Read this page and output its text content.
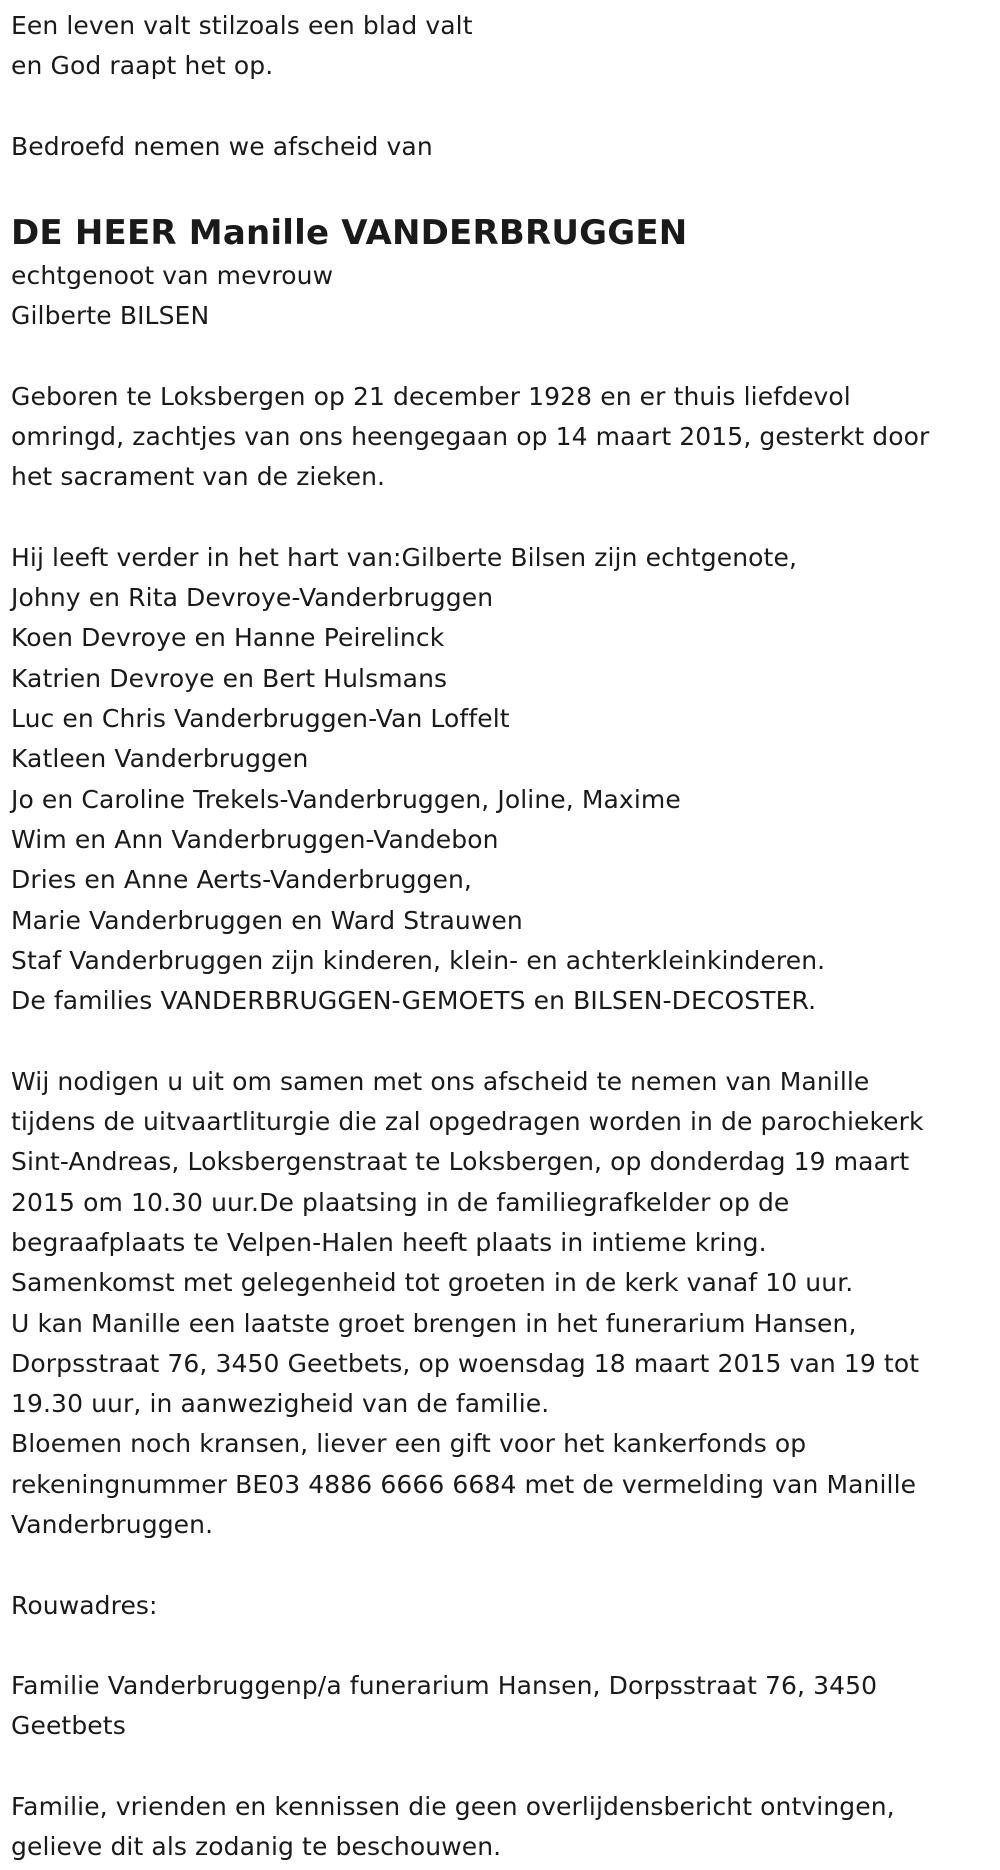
Een leven valt stilzoals een blad valt
en God raapt het op.
Bedroefd nemen we afscheid van
DE HEER Manille VANDERBRUGGEN
echtgenoot van mevrouw
Gilberte BILSEN
Geboren te Loksbergen op 21 december 1928 en er thuis liefdevol
omringd, zachtjes van ons heengegaan op 14 maart 2015, gesterkt door
het sacrament van de zieken.
Hij leeft verder in het hart van:Gilberte Bilsen zijn echtgenote,
Johny en Rita Devroye-Vanderbruggen
Koen Devroye en Hanne Peirelinck
Katrien Devroye en Bert Hulsmans
Luc en Chris Vanderbruggen-Van Loffelt
Katleen Vanderbruggen
Jo en Caroline Trekels-Vanderbruggen, Joline, Maxime
Wim en Ann Vanderbruggen-Vandebon
Dries en Anne Aerts-Vanderbruggen,
Marie Vanderbruggen en Ward Strauwen
Staf Vanderbruggen zijn kinderen, klein- en achterkleinkinderen.
De families VANDERBRUGGEN-GEMOETS en BILSEN-DECOSTER.
Wij nodigen u uit om samen met ons afscheid te nemen van Manille
tijdens de uitvaartliturgie die zal opgedragen worden in de parochiekerk
Sint-Andreas, Loksbergenstraat te Loksbergen, op donderdag 19 maart
2015 om 10.30 uur.De plaatsing in de familiegrafkelder op de
begraafplaats te Velpen-Halen heeft plaats in intieme kring.
Samenkomst met gelegenheid tot groeten in de kerk vanaf 10 uur.
U kan Manille een laatste groet brengen in het funerarium Hansen,
Dorpsstraat 76, 3450 Geetbets, op woensdag 18 maart 2015 van 19 tot
19.30 uur, in aanwezigheid van de familie.
Bloemen noch kransen, liever een gift voor het kankerfonds op
rekeningnummer BE03 4886 6666 6684 met de vermelding van Manille
Vanderbruggen.
Rouwadres:
Familie Vanderbruggenp/a funerarium Hansen, Dorpsstraat 76, 3450
Geetbets
Familie, vrienden en kennissen die geen overlijdensbericht ontvingen,
gelieve dit als zodanig te beschouwen.
